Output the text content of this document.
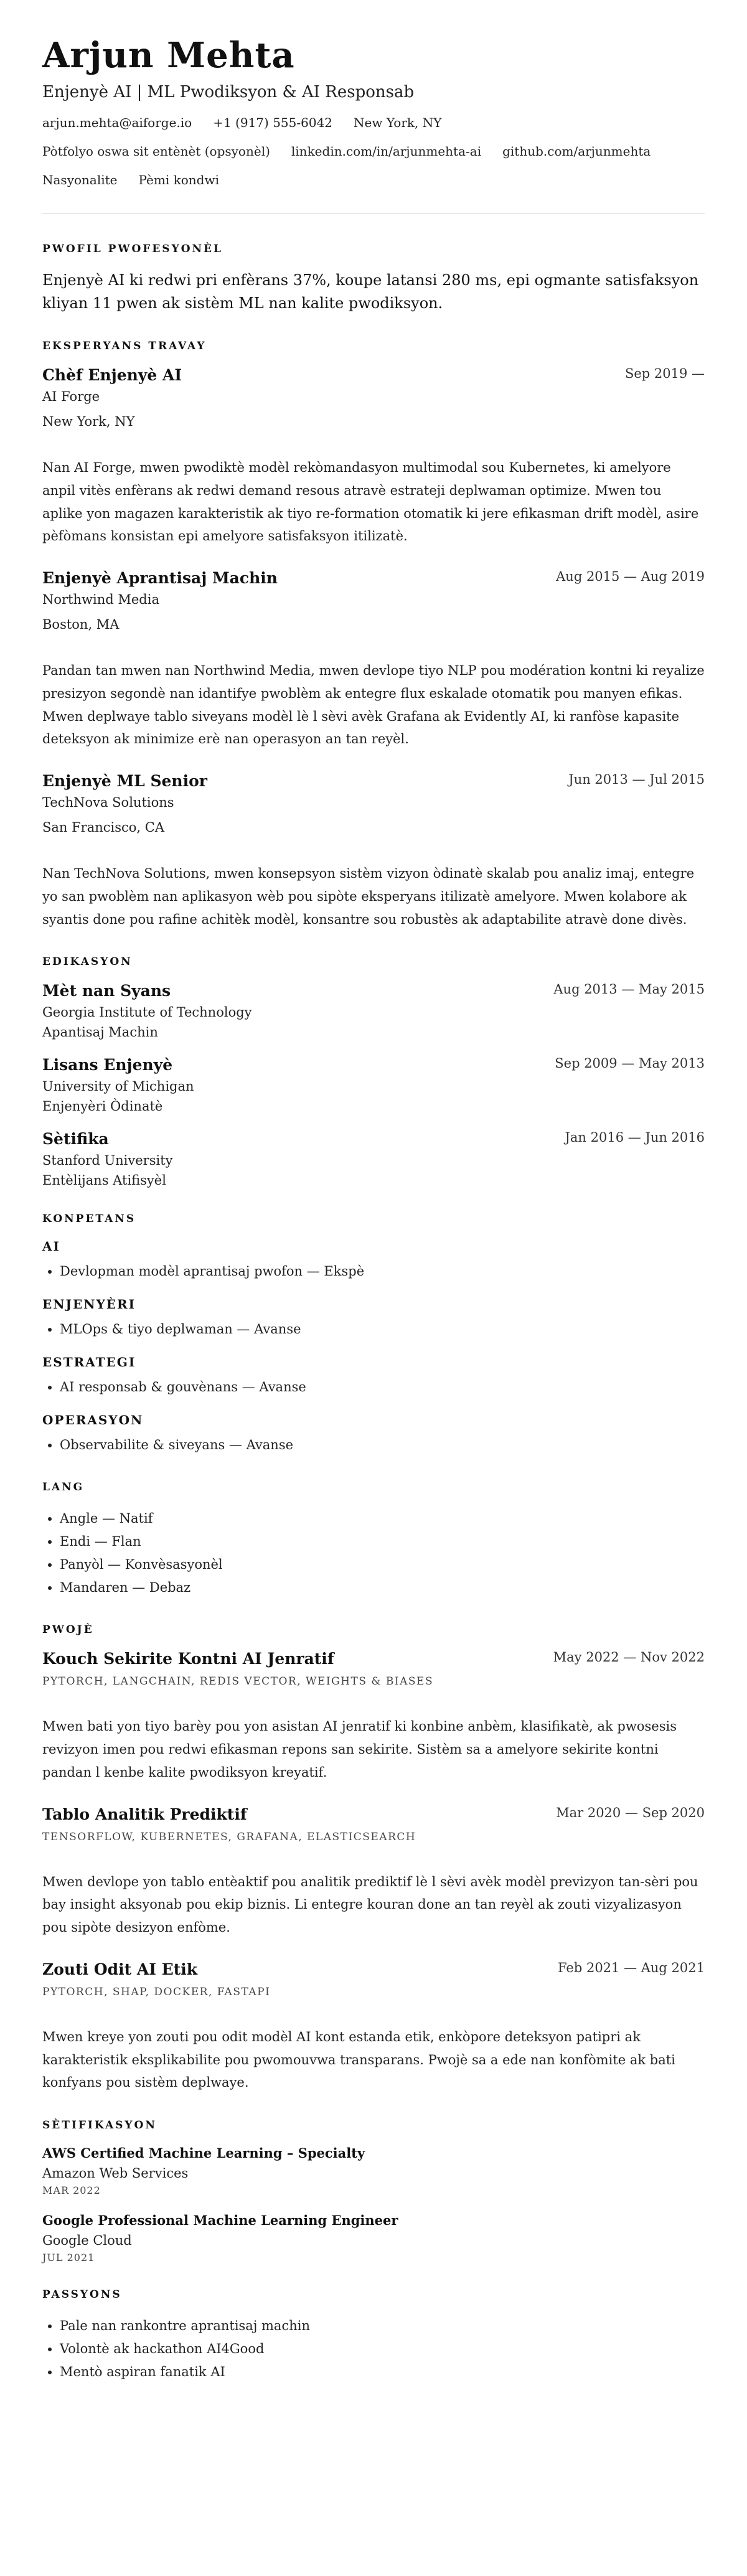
Arjun Mehta
Enjenyè AI | ML Pwodiksyon & AI Responsab
arjun.mehta@aiforge.io +1 (917) 555-6042 New York, NY
Pòtfolyo oswa sit entènèt (opsyonèl) linkedin.com/in/arjunmehta-ai github.com/arjunmehta
Nasyonalite Pèmi kondwi
PWOFIL PWOFESYONÈL

Enjenyè AI ki redwi pri enfèrans 37%, koupe latansi 280 ms, epi ogmante satisfaksyon kliyan 11 pwen ak sistèm ML nan kalite pwodiksyon.

EKSPERYANS TRAVAY
Chèf Enjenyè AI	Sep 2019 —
AI Forge
New York, NY
Nan AI Forge, mwen pwodiktè modèl rekòmandasyon multimodal sou Kubernetes, ki amelyore anpil vitès enfèrans ak redwi demand resous atravè estrateji deplwaman optimize. Mwen tou aplike yon magazen karakteristik ak tiyo re-formation otomatik ki jere efikasman drift modèl, asire pèfòmans konsistan epi amelyore satisfaksyon itilizatè.
Enjenyè Aprantisaj Machin	Aug 2015 — Aug 2019
Northwind Media
Boston, MA
Pandan tan mwen nan Northwind Media, mwen devlope tiyo NLP pou modération kontni ki reyalize presizyon segondè nan idantifye pwoblèm ak entegre flux eskalade otomatik pou manyen efikas. Mwen deplwaye tablo siveyans modèl lè l sèvi avèk Grafana ak Evidently AI, ki ranfòse kapasite deteksyon ak minimize erè nan operasyon an tan reyèl.
Enjenyè ML Senior	Jun 2013 — Jul 2015
TechNova Solutions
San Francisco, CA
Nan TechNova Solutions, mwen konsepsyon sistèm vizyon òdinatè skalab pou analiz imaj, entegre yo san pwoblèm nan aplikasyon wèb pou sipòte eksperyans itilizatè amelyore. Mwen kolabore ak syantis done pou rafine achitèk modèl, konsantre sou robustès ak adaptabilite atravè done divès.
EDIKASYON
Mèt nan Syans	Aug 2013 — May 2015
Georgia Institute of Technology
Apantisaj Machin
Lisans Enjenyè	Sep 2009 — May 2013
University of Michigan
Enjenyèri Òdinatè
Sètifika	Jan 2016 — Jun 2016
Stanford University
Entèlijans Atifisyèl
KONPETANS
AI
• Devlopman modèl aprantisaj pwofon — Ekspè
ENJENYÈRI
• MLOps & tiyo deplwaman — Avanse
ESTRATEGI
• AI responsab & gouvènans — Avanse
OPERASYON
• Observabilite & siveyans — Avanse
LANG
• Angle — Natif
• Endi — Flan
• Panyòl — Konvèsasyonèl
• Mandaren — Debaz
PWOJÈ
Kouch Sekirite Kontni AI Jenratif	May 2022 — Nov 2022
PYTORCH, LANGCHAIN, REDIS VECTOR, WEIGHTS & BIASES
Mwen bati yon tiyo barèy pou yon asistan AI jenratif ki konbine anbèm, klasifikatè, ak pwosesis revizyon imen pou redwi efikasman repons san sekirite. Sistèm sa a amelyore sekirite kontni pandan l kenbe kalite pwodiksyon kreyatif.
Tablo Analitik Prediktif	Mar 2020 — Sep 2020
TENSORFLOW, KUBERNETES, GRAFANA, ELASTICSEARCH
Mwen devlope yon tablo entèaktif pou analitik prediktif lè l sèvi avèk modèl previzyon tan-sèri pou bay insight aksyonab pou ekip biznis. Li entegre kouran done an tan reyèl ak zouti vizyalizasyon pou sipòte desizyon enfòme.
Zouti Odit AI Etik	Feb 2021 — Aug 2021
PYTORCH, SHAP, DOCKER, FASTAPI
Mwen kreye yon zouti pou odit modèl AI kont estanda etik, enkòpore deteksyon patipri ak karakteristik eksplikabilite pou pwomouvwa transparans. Pwojè sa a ede nan konfòmite ak bati konfyans pou sistèm deplwaye.
SÈTIFIKASYON
AWS Certified Machine Learning – Specialty
Amazon Web Services
MAR 2022
Google Professional Machine Learning Engineer
Google Cloud
JUL 2021
PASSYONS
• Pale nan rankontre aprantisaj machin
• Volontè ak hackathon AI4Good
• Mentò aspiran fanatik AI
